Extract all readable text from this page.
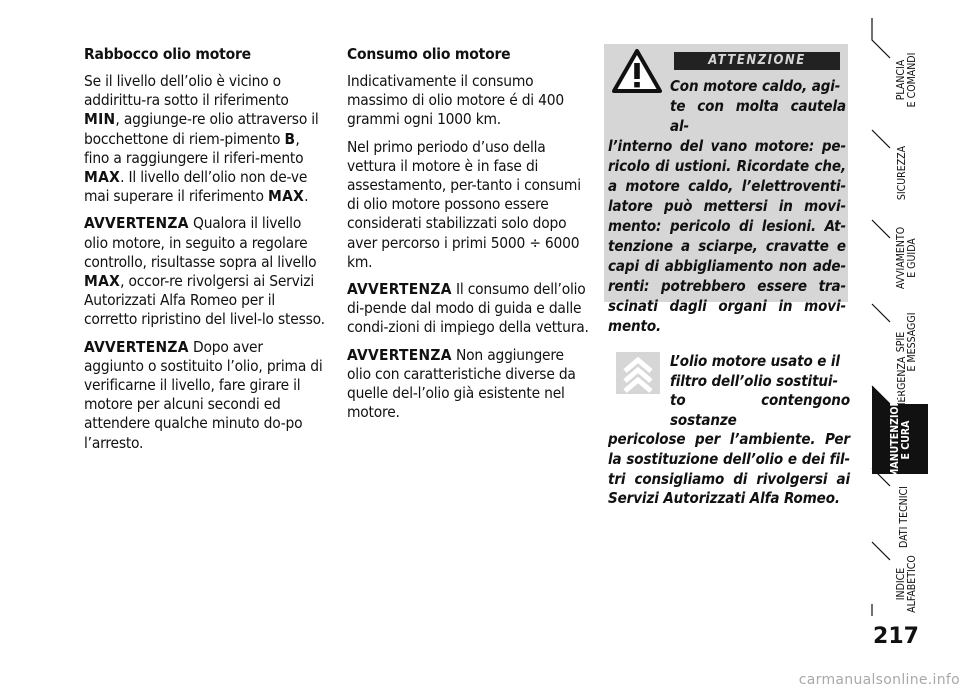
Rabbocco olio motore

Se il livello dell’olio è vicino o addirittu-ra sotto il riferimento MIN, aggiunge-re olio attraverso il bocchettone di riem-pimento B, fino a raggiungere il riferi-mento MAX. Il livello dell’olio non de-ve mai superare il riferimento MAX.

AVVERTENZA Qualora il livello olio motore, in seguito a regolare controllo, risultasse sopra al livello MAX, occor-re rivolgersi ai Servizi Autorizzati Alfa Romeo per il corretto ripristino del livel-lo stesso.

AVVERTENZA Dopo aver aggiunto o sostituito l’olio, prima di verificarne il livello, fare girare il motore per alcuni secondi ed attendere qualche minuto do-po l’arresto.

Consumo olio motore

Indicativamente il consumo massimo di olio motore é di 400 grammi ogni 1000 km.

Nel primo periodo d’uso della vettura il motore è in fase di assestamento, per-tanto i consumi di olio motore possono essere considerati stabilizzati solo dopo aver percorso i primi 5000 ÷ 6000 km.

AVVERTENZA Il consumo dell’olio di-pende dal modo di guida e dalle condi-zioni di impiego della vettura.

AVVERTENZA Non aggiungere olio con caratteristiche diverse da quelle del-l’olio già esistente nel motore.

ATTENZIONE
Con motore caldo, agi-
te con molta cautela al-
l’interno del vano motore: pe-ricolo di ustioni. Ricordate che, a motore caldo, l’elettroventi-latore può mettersi in movi-mento: pericolo di lesioni. At-tenzione a sciarpe, cravatte e capi di abbigliamento non ade-renti: potrebbero essere tra-scinati dagli organi in movi-mento.
L’olio motore usato e il
filtro dell’olio sostitui-
to contengono sostanze
pericolose per l’ambiente. Per la sostituzione dell’olio e dei fil-tri consigliamo di rivolgersi ai Servizi Autorizzati Alfa Romeo.
PLANCIA E COMANDI
SICUREZZA
AVVIAMENTO E GUIDA
SPIE E MESSAGGI
IN EMERGENZA
MANUTENZIONE E CURA
DATI TECNICI
INDICE ALFABETICO
217
carmanualsonline.info
